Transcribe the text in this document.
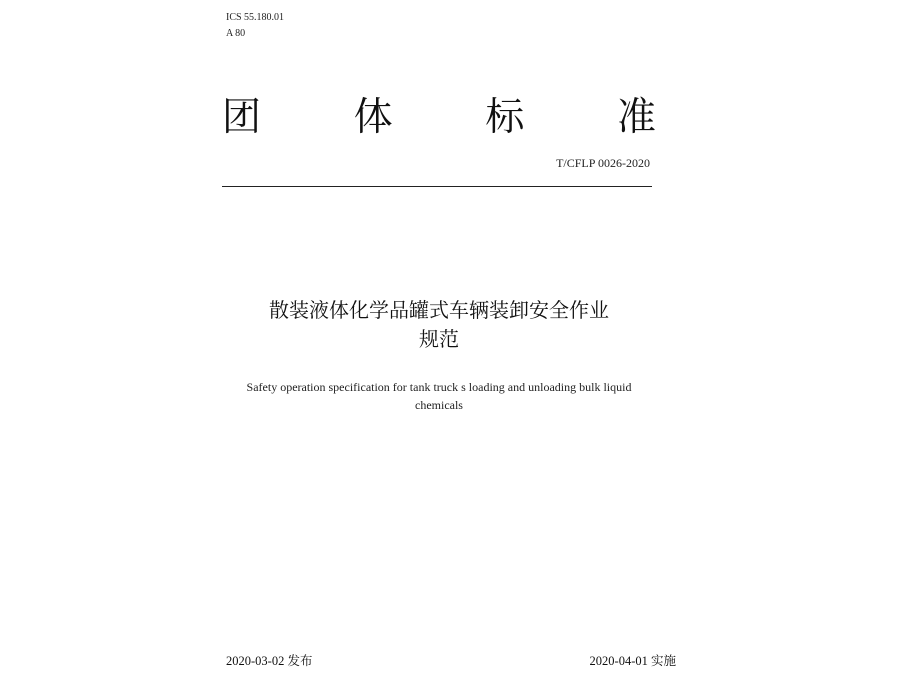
ICS 55.180.01
A 80
团 体 标 准
T/CFLP 0026-2020
散装液体化学品罐式车辆装卸安全作业
规范
Safety operation specification for tank truck s loading and unloading bulk liquid
chemicals
2020-03-02 发布	2020-04-01 实施
